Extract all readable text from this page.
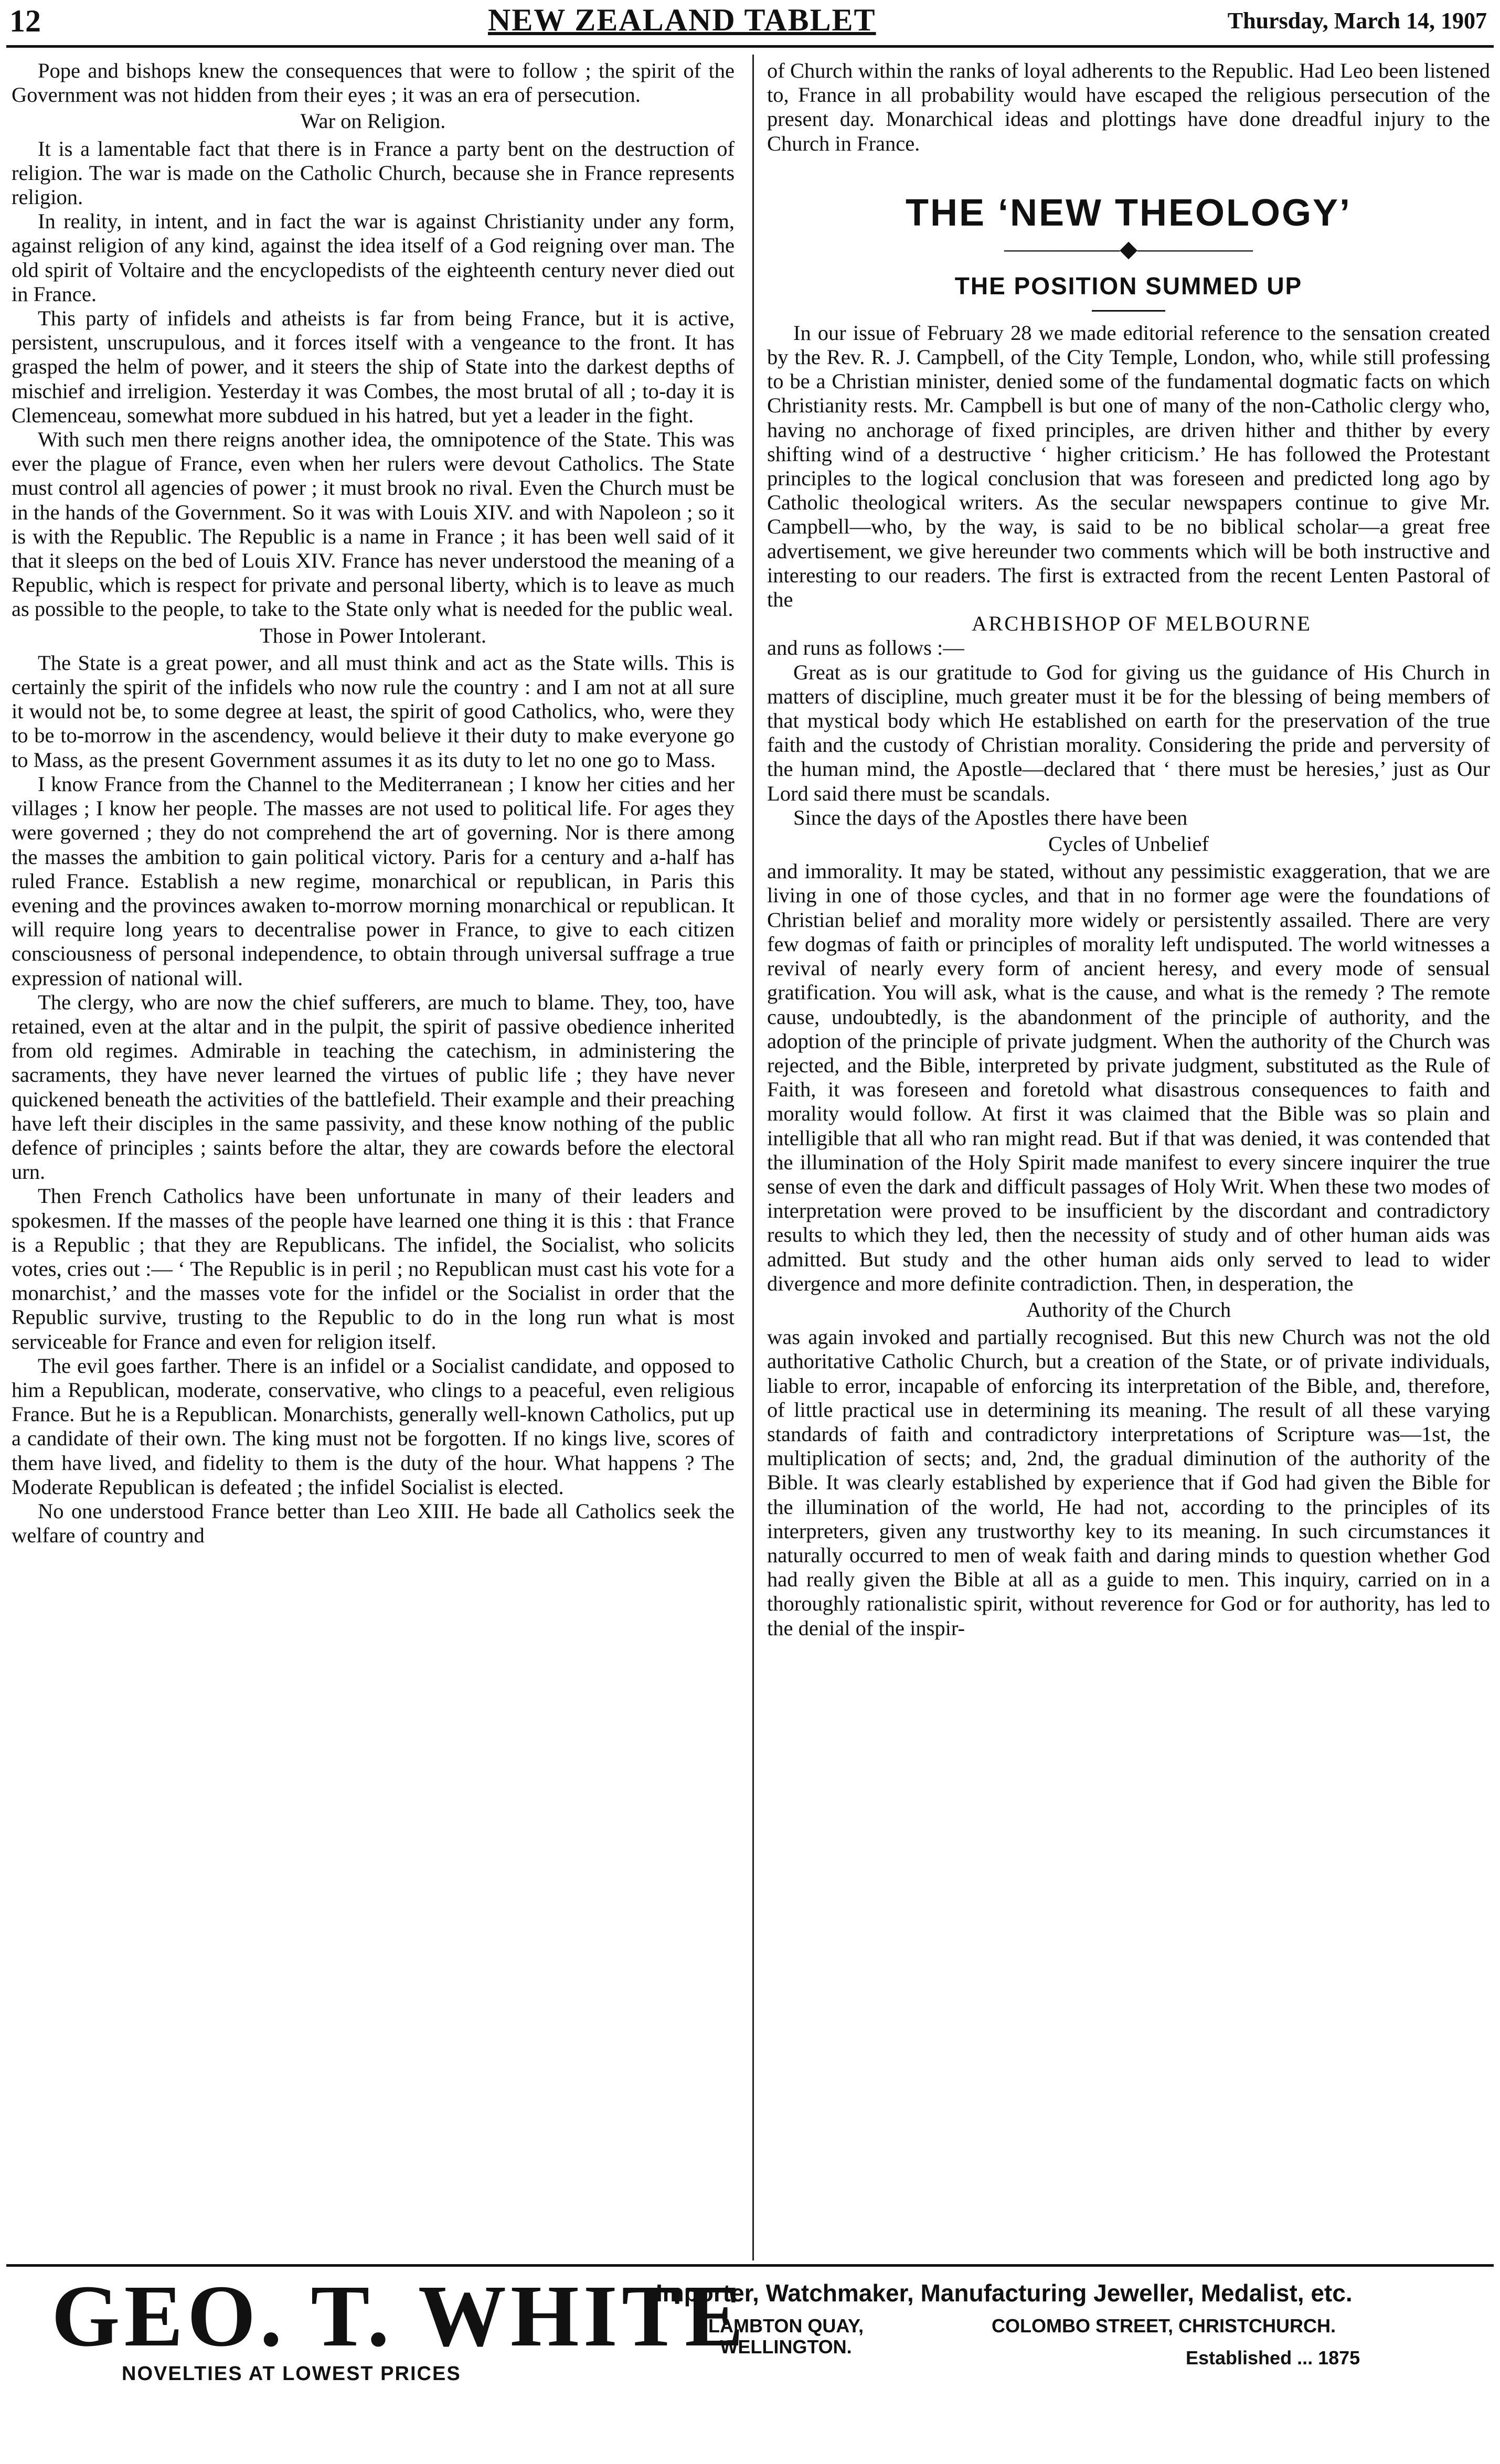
12	NEW ZEALAND TABLET	Thursday, March 14, 1907

Pope and bishops knew the consequences that were to follow ; the spirit of the Government was not hidden from their eyes ; it was an era of persecution.

War on Religion.

It is a lamentable fact that there is in France a party bent on the destruction of religion. The war is made on the Catholic Church, because she in France represents religion.

In reality, in intent, and in fact the war is against Christianity under any form, against religion of any kind, against the idea itself of a God reigning over man. The old spirit of Voltaire and the encyclopedists of the eighteenth century never died out in France.

This party of infidels and atheists is far from being France, but it is active, persistent, unscrupulous, and it forces itself with a vengeance to the front. It has grasped the helm of power, and it steers the ship of State into the darkest depths of mischief and irreligion. Yesterday it was Combes, the most brutal of all ; to-day it is Clemenceau, somewhat more subdued in his hatred, but yet a leader in the fight.

With such men there reigns another idea, the omnipotence of the State. This was ever the plague of France, even when her rulers were devout Catholics. The State must control all agencies of power ; it must brook no rival. Even the Church must be in the hands of the Government. So it was with Louis XIV. and with Napoleon ; so it is with the Republic. The Republic is a name in France ; it has been well said of it that it sleeps on the bed of Louis XIV. France has never understood the meaning of a Republic, which is respect for private and personal liberty, which is to leave as much as possible to the people, to take to the State only what is needed for the public weal.

Those in Power Intolerant.

The State is a great power, and all must think and act as the State wills. This is certainly the spirit of the infidels who now rule the country : and I am not at all sure it would not be, to some degree at least, the spirit of good Catholics, who, were they to be to-morrow in the ascendency, would believe it their duty to make everyone go to Mass, as the present Government assumes it as its duty to let no one go to Mass.

I know France from the Channel to the Mediterranean ; I know her cities and her villages ; I know her people. The masses are not used to political life. For ages they were governed ; they do not comprehend the art of governing. Nor is there among the masses the ambition to gain political victory. Paris for a century and a-half has ruled France. Establish a new regime, monarchical or republican, in Paris this evening and the provinces awaken to-morrow morning monarchical or republican. It will require long years to decentralise power in France, to give to each citizen consciousness of personal independence, to obtain through universal suffrage a true expression of national will.

The clergy, who are now the chief sufferers, are much to blame. They, too, have retained, even at the altar and in the pulpit, the spirit of passive obedience inherited from old regimes. Admirable in teaching the catechism, in administering the sacraments, they have never learned the virtues of public life ; they have never quickened beneath the activities of the battlefield. Their example and their preaching have left their disciples in the same passivity, and these know nothing of the public defence of principles ; saints before the altar, they are cowards before the electoral urn.

Then French Catholics have been unfortunate in many of their leaders and spokesmen. If the masses of the people have learned one thing it is this : that France is a Republic ; that they are Republicans. The infidel, the Socialist, who solicits votes, cries out :— ‘ The Republic is in peril ; no Republican must cast his vote for a monarchist,’ and the masses vote for the infidel or the Socialist in order that the Republic survive, trusting to the Republic to do in the long run what is most serviceable for France and even for religion itself.

The evil goes farther. There is an infidel or a Socialist candidate, and opposed to him a Republican, moderate, conservative, who clings to a peaceful, even religious France. But he is a Republican. Monarchists, generally well-known Catholics, put up a candidate of their own. The king must not be forgotten. If no kings live, scores of them have lived, and fidelity to them is the duty of the hour. What happens ? The Moderate Republican is defeated ; the infidel Socialist is elected.

No one understood France better than Leo XIII. He bade all Catholics seek the welfare of country and

of Church within the ranks of loyal adherents to the Republic. Had Leo been listened to, France in all probability would have escaped the religious persecution of the present day. Monarchical ideas and plottings have done dreadful injury to the Church in France.

THE ‘NEW THEOLOGY’
—————◆—————
THE POSITION SUMMED UP

In our issue of February 28 we made editorial reference to the sensation created by the Rev. R. J. Campbell, of the City Temple, London, who, while still professing to be a Christian minister, denied some of the fundamental dogmatic facts on which Christianity rests. Mr. Campbell is but one of many of the non-Catholic clergy who, having no anchorage of fixed principles, are driven hither and thither by every shifting wind of a destructive ‘ higher criticism.’ He has followed the Protestant principles to the logical conclusion that was foreseen and predicted long ago by Catholic theological writers. As the secular newspapers continue to give Mr. Campbell—who, by the way, is said to be no biblical scholar—a great free advertisement, we give hereunder two comments which will be both instructive and interesting to our readers. The first is extracted from the recent Lenten Pastoral of the

ARCHBISHOP OF MELBOURNE

and runs as follows :—

Great as is our gratitude to God for giving us the guidance of His Church in matters of discipline, much greater must it be for the blessing of being members of that mystical body which He established on earth for the preservation of the true faith and the custody of Christian morality. Considering the pride and perversity of the human mind, the Apostle—declared that ‘ there must be heresies,’ just as Our Lord said there must be scandals.

Since the days of the Apostles there have been

Cycles of Unbelief

and immorality. It may be stated, without any pessimistic exaggeration, that we are living in one of those cycles, and that in no former age were the foundations of Christian belief and morality more widely or persistently assailed. There are very few dogmas of faith or principles of morality left undisputed. The world witnesses a revival of nearly every form of ancient heresy, and every mode of sensual gratification. You will ask, what is the cause, and what is the remedy ? The remote cause, undoubtedly, is the abandonment of the principle of authority, and the adoption of the principle of private judgment. When the authority of the Church was rejected, and the Bible, interpreted by private judgment, substituted as the Rule of Faith, it was foreseen and foretold what disastrous consequences to faith and morality would follow. At first it was claimed that the Bible was so plain and intelligible that all who ran might read. But if that was denied, it was contended that the illumination of the Holy Spirit made manifest to every sincere inquirer the true sense of even the dark and difficult passages of Holy Writ. When these two modes of interpretation were proved to be insufficient by the discordant and contradictory results to which they led, then the necessity of study and of other human aids was admitted. But study and the other human aids only served to lead to wider divergence and more definite contradiction. Then, in desperation, the

Authority of the Church

was again invoked and partially recognised. But this new Church was not the old authoritative Catholic Church, but a creation of the State, or of private individuals, liable to error, incapable of enforcing its interpretation of the Bible, and, therefore, of little practical use in determining its meaning. The result of all these varying standards of faith and contradictory interpretations of Scripture was—1st, the multiplication of sects; and, 2nd, the gradual diminution of the authority of the Bible. It was clearly established by experience that if God had given the Bible for the illumination of the world, He had not, according to the principles of its interpreters, given any trustworthy key to its meaning. In such circumstances it naturally occurred to men of weak faith and daring minds to question whether God had really given the Bible at all as a guide to men. This inquiry, carried on in a thoroughly rationalistic spirit, without reverence for God or for authority, has led to the denial of the inspir-

GEO. T. WHITE
NOVELTIES AT LOWEST PRICES
Importer, Watchmaker, Manufacturing Jeweller, Medalist, etc.
LAMBTON QUAY,
WELLINGTON.
COLOMBO STREET, CHRISTCHURCH.
Established ... 1875
